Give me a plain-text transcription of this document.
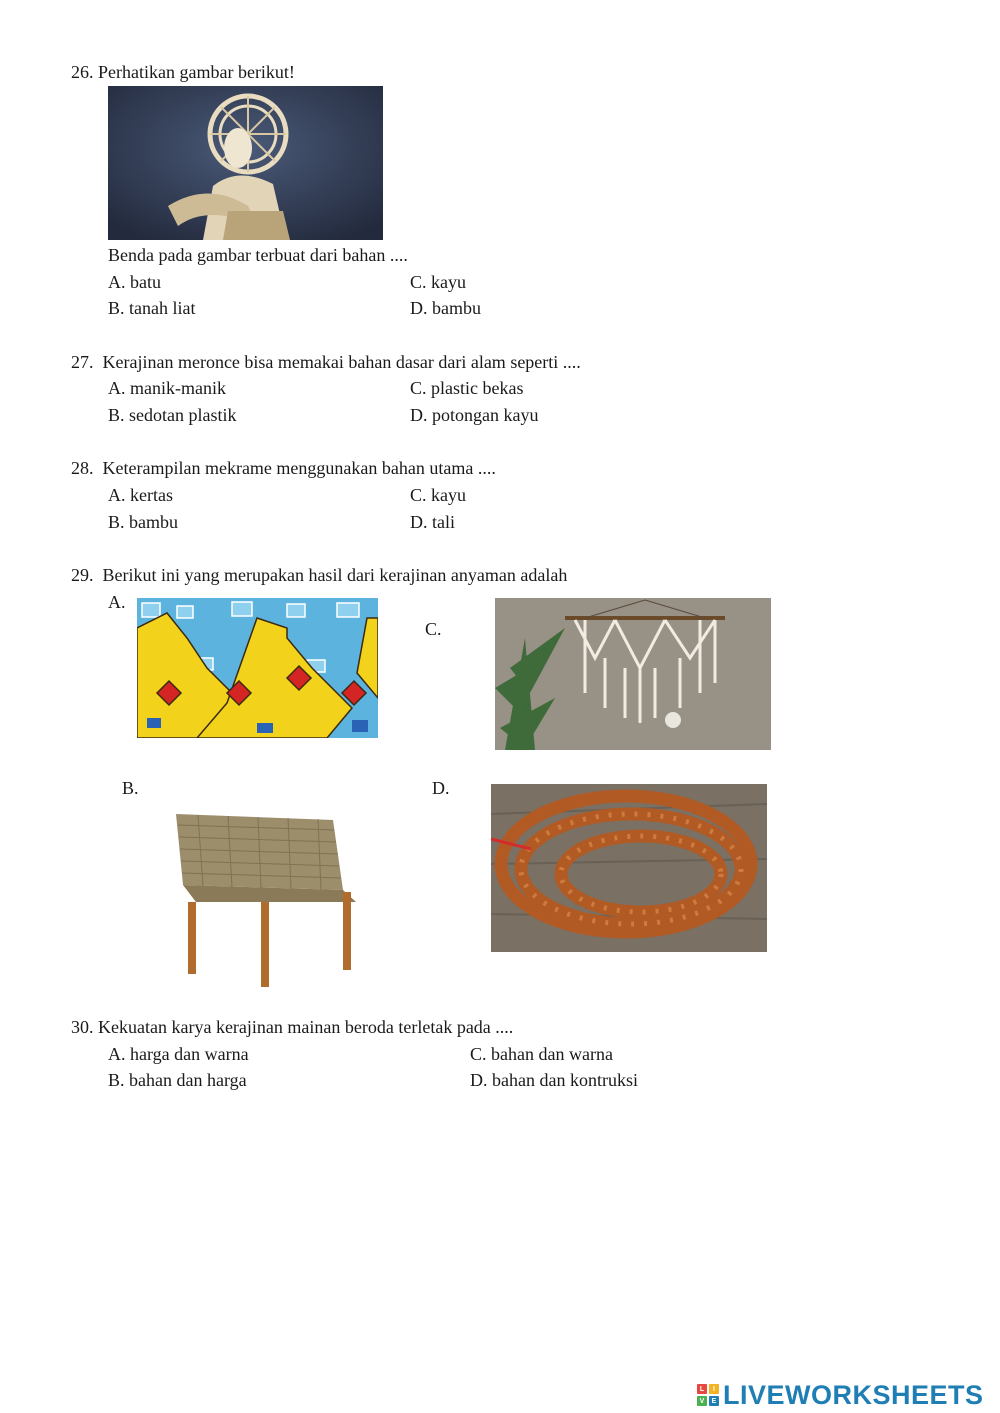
26. Perhatikan gambar berikut!
Benda pada gambar terbuat dari bahan ....
A. batu	C. kayu
B. tanah liat	D. bambu
27. Kerajinan meronce bisa memakai bahan dasar dari alam seperti ....
A. manik-manik	C. plastic bekas
B. sedotan plastik	D. potongan kayu
28. Keterampilan mekrame menggunakan bahan utama ....
A. kertas	C. kayu
B. bambu	D. tali
29. Berikut ini yang merupakan hasil dari kerajinan anyaman adalah
A.
C.
B.	D.
30. Kekuatan karya kerajinan mainan beroda terletak pada ....
A. harga dan warna	C. bahan dan warna
B. bahan dan harga	D. bahan dan kontruksi
L	I
V	E LIVEWORKSHEETS
